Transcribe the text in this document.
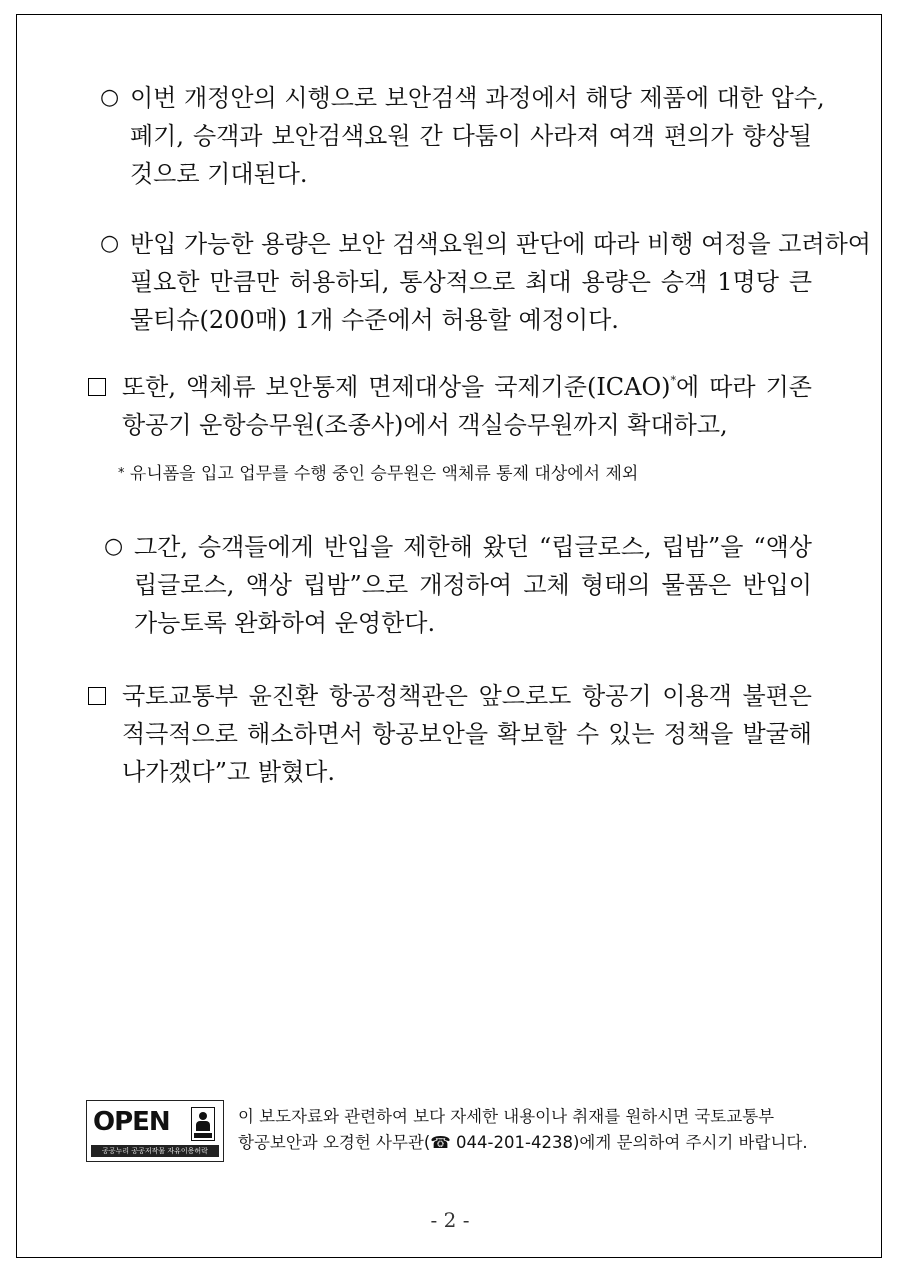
○ 이번 개정안의 시행으로 보안검색 과정에서 해당 제품에 대한 압수,
폐기, 승객과 보안검색요원 간 다툼이 사라져 여객 편의가 향상될
것으로 기대된다.
○ 반입 가능한 용량은 보안 검색요원의 판단에 따라 비행 여정을 고려하여
필요한 만큼만 허용하되, 통상적으로 최대 용량은 승객 1명당 큰
물티슈(200매) 1개 수준에서 허용할 예정이다.
또한, 액체류 보안통제 면제대상을 국제기준(ICAO)*에 따라 기존
항공기 운항승무원(조종사)에서 객실승무원까지 확대하고,
* 유니폼을 입고 업무를 수행 중인 승무원은 액체류 통제 대상에서 제외
○ 그간, 승객들에게 반입을 제한해 왔던 “립글로스, 립밤”을 “액상
립글로스, 액상 립밤”으로 개정하여 고체 형태의 물품은 반입이
가능토록 완화하여 운영한다.
국토교통부 윤진환 항공정책관은 앞으로도 항공기 이용객 불편은
적극적으로 해소하면서 항공보안을 확보할 수 있는 정책을 발굴해
나가겠다”고 밝혔다.
OPEN
공공누리 공공저작물 자유이용허락
이 보도자료와 관련하여 보다 자세한 내용이나 취재를 원하시면 국토교통부
항공보안과 오경헌 사무관(☎ 044-201-4238)에게 문의하여 주시기 바랍니다.
- 2 -
